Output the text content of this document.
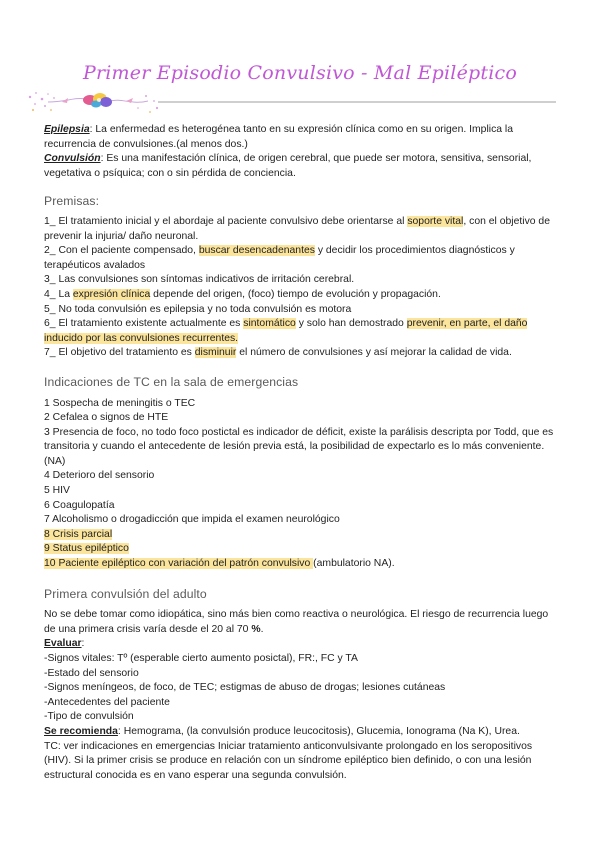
Primer Episodio Convulsivo - Mal Epiléptico

Epilepsia: La enfermedad es heterogénea tanto en su expresión clínica como en su origen. Implica la recurrencia de convulsiones.(al menos dos.)

Convulsión: Es una manifestación clínica, de origen cerebral, que puede ser motora, sensitiva, sensorial, vegetativa o psíquica; con o sin pérdida de conciencia.

Premisas:

1_ El tratamiento inicial y el abordaje al paciente convulsivo debe orientarse al soporte vital, con el objetivo de prevenir la injuria/ daño neuronal.

2_ Con el paciente compensado, buscar desencadenantes y decidir los procedimientos diagnósticos y terapéuticos avalados

3_ Las convulsiones son síntomas indicativos de irritación cerebral.

4_ La expresión clínica depende del origen, (foco) tiempo de evolución y propagación.

5_ No toda convulsión es epilepsia y no toda convulsión es motora

6_ El tratamiento existente actualmente es sintomático y solo han demostrado prevenir, en parte, el daño inducido por las convulsiones recurrentes.

7_ El objetivo del tratamiento es disminuir el número de convulsiones y así mejorar la calidad de vida.

Indicaciones de TC en la sala de emergencias

1 Sospecha de meningitis o TEC

2 Cefalea o signos de HTE

3 Presencia de foco, no todo foco postictal es indicador de déficit, existe la parálisis descripta por Todd, que es transitoria y cuando el antecedente de lesión previa está, la posibilidad de expectarlo es lo más conveniente. (NA)

4 Deterioro del sensorio

5 HIV

6 Coagulopatía

7 Alcoholismo o drogadicción que impida el examen neurológico

8 Crisis parcial

9 Status epiléptico

10 Paciente epiléptico con variación del patrón convulsivo (ambulatorio NA).

Primera convulsión del adulto

No se debe tomar como idiopática, sino más bien como reactiva o neurológica. El riesgo de recurrencia luego de una primera crisis varía desde el 20 al 70 %.

Evaluar:

-Signos vitales: Tº (esperable cierto aumento posictal), FR:, FC y TA

-Estado del sensorio

-Signos meníngeos, de foco, de TEC; estigmas de abuso de drogas; lesiones cutáneas

-Antecedentes del paciente

-Tipo de convulsión

Se recomienda: Hemograma, (la convulsión produce leucocitosis), Glucemia, Ionograma (Na K), Urea.

TC: ver indicaciones en emergencias Iniciar tratamiento anticonvulsivante prolongado en los seropositivos (HIV). Si la primer crisis se produce en relación con un síndrome epiléptico bien definido, o con una lesión estructural conocida es en vano esperar una segunda convulsión.
